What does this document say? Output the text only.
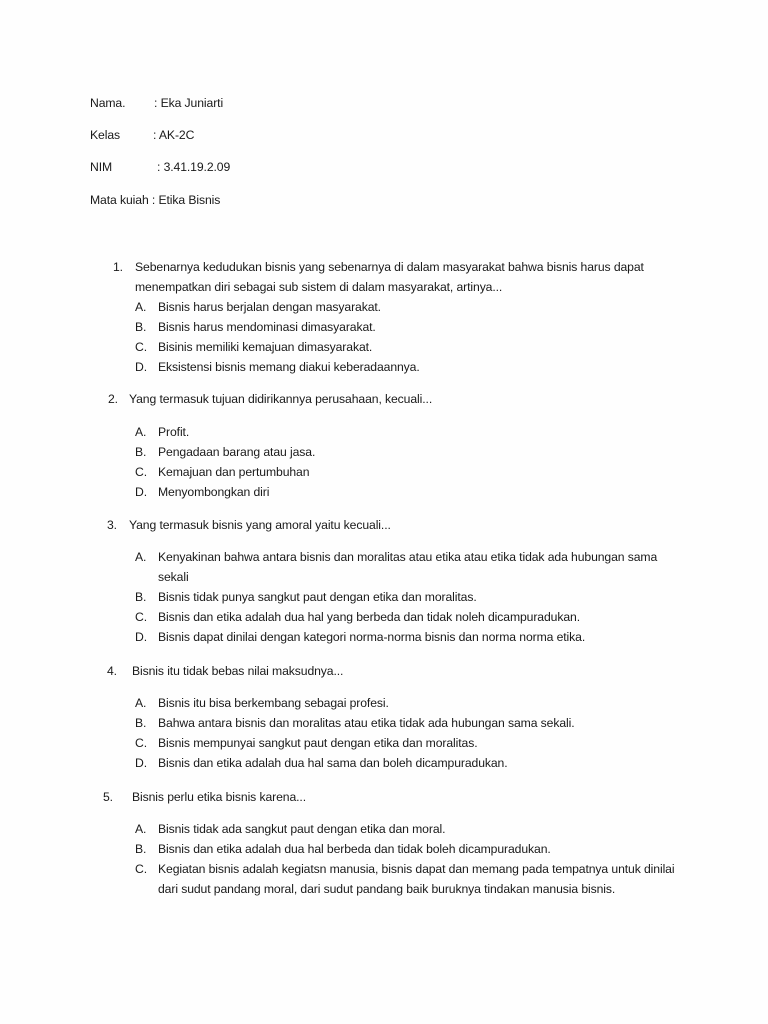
Nama. : Eka Juniarti
Kelas	: AK-2C
NIM	: 3.41.19.2.09
Mata kuiah : Etika Bisnis
1. Sebenarnya kedudukan bisnis yang sebenarnya di dalam masyarakat bahwa bisnis harus dapat menempatkan diri sebagai sub sistem di dalam masyarakat, artinya...
A. Bisnis harus berjalan dengan masyarakat.
B. Bisnis harus mendominasi dimasyarakat.
C. Bisinis memiliki kemajuan dimasyarakat.
D. Eksistensi bisnis memang diakui keberadaannya.
2. Yang termasuk tujuan didirikannya perusahaan, kecuali...
A. Profit.
B. Pengadaan barang atau jasa.
C. Kemajuan dan pertumbuhan
D. Menyombongkan diri
3. Yang termasuk bisnis yang amoral yaitu kecuali...
A. Kenyakinan bahwa antara bisnis dan moralitas atau etika atau etika tidak ada hubungan sama sekali
B. Bisnis tidak punya sangkut paut dengan etika dan moralitas.
C. Bisnis dan etika adalah dua hal yang berbeda dan tidak noleh dicampuradukan.
D. Bisnis dapat dinilai dengan kategori norma-norma bisnis dan norma norma etika.
4. Bisnis itu tidak bebas nilai maksudnya...
A. Bisnis itu bisa berkembang sebagai profesi.
B. Bahwa antara bisnis dan moralitas atau etika tidak ada hubungan sama sekali.
C. Bisnis mempunyai sangkut paut dengan etika dan moralitas.
D. Bisnis dan etika adalah dua hal sama dan boleh dicampuradukan.
5. Bisnis perlu etika bisnis karena...
A. Bisnis tidak ada sangkut paut dengan etika dan moral.
B. Bisnis dan etika adalah dua hal berbeda dan tidak boleh dicampuradukan.
C. Kegiatan bisnis adalah kegiatsn manusia, bisnis dapat dan memang pada tempatnya untuk dinilai dari sudut pandang moral, dari sudut pandang baik buruknya tindakan manusia bisnis.
